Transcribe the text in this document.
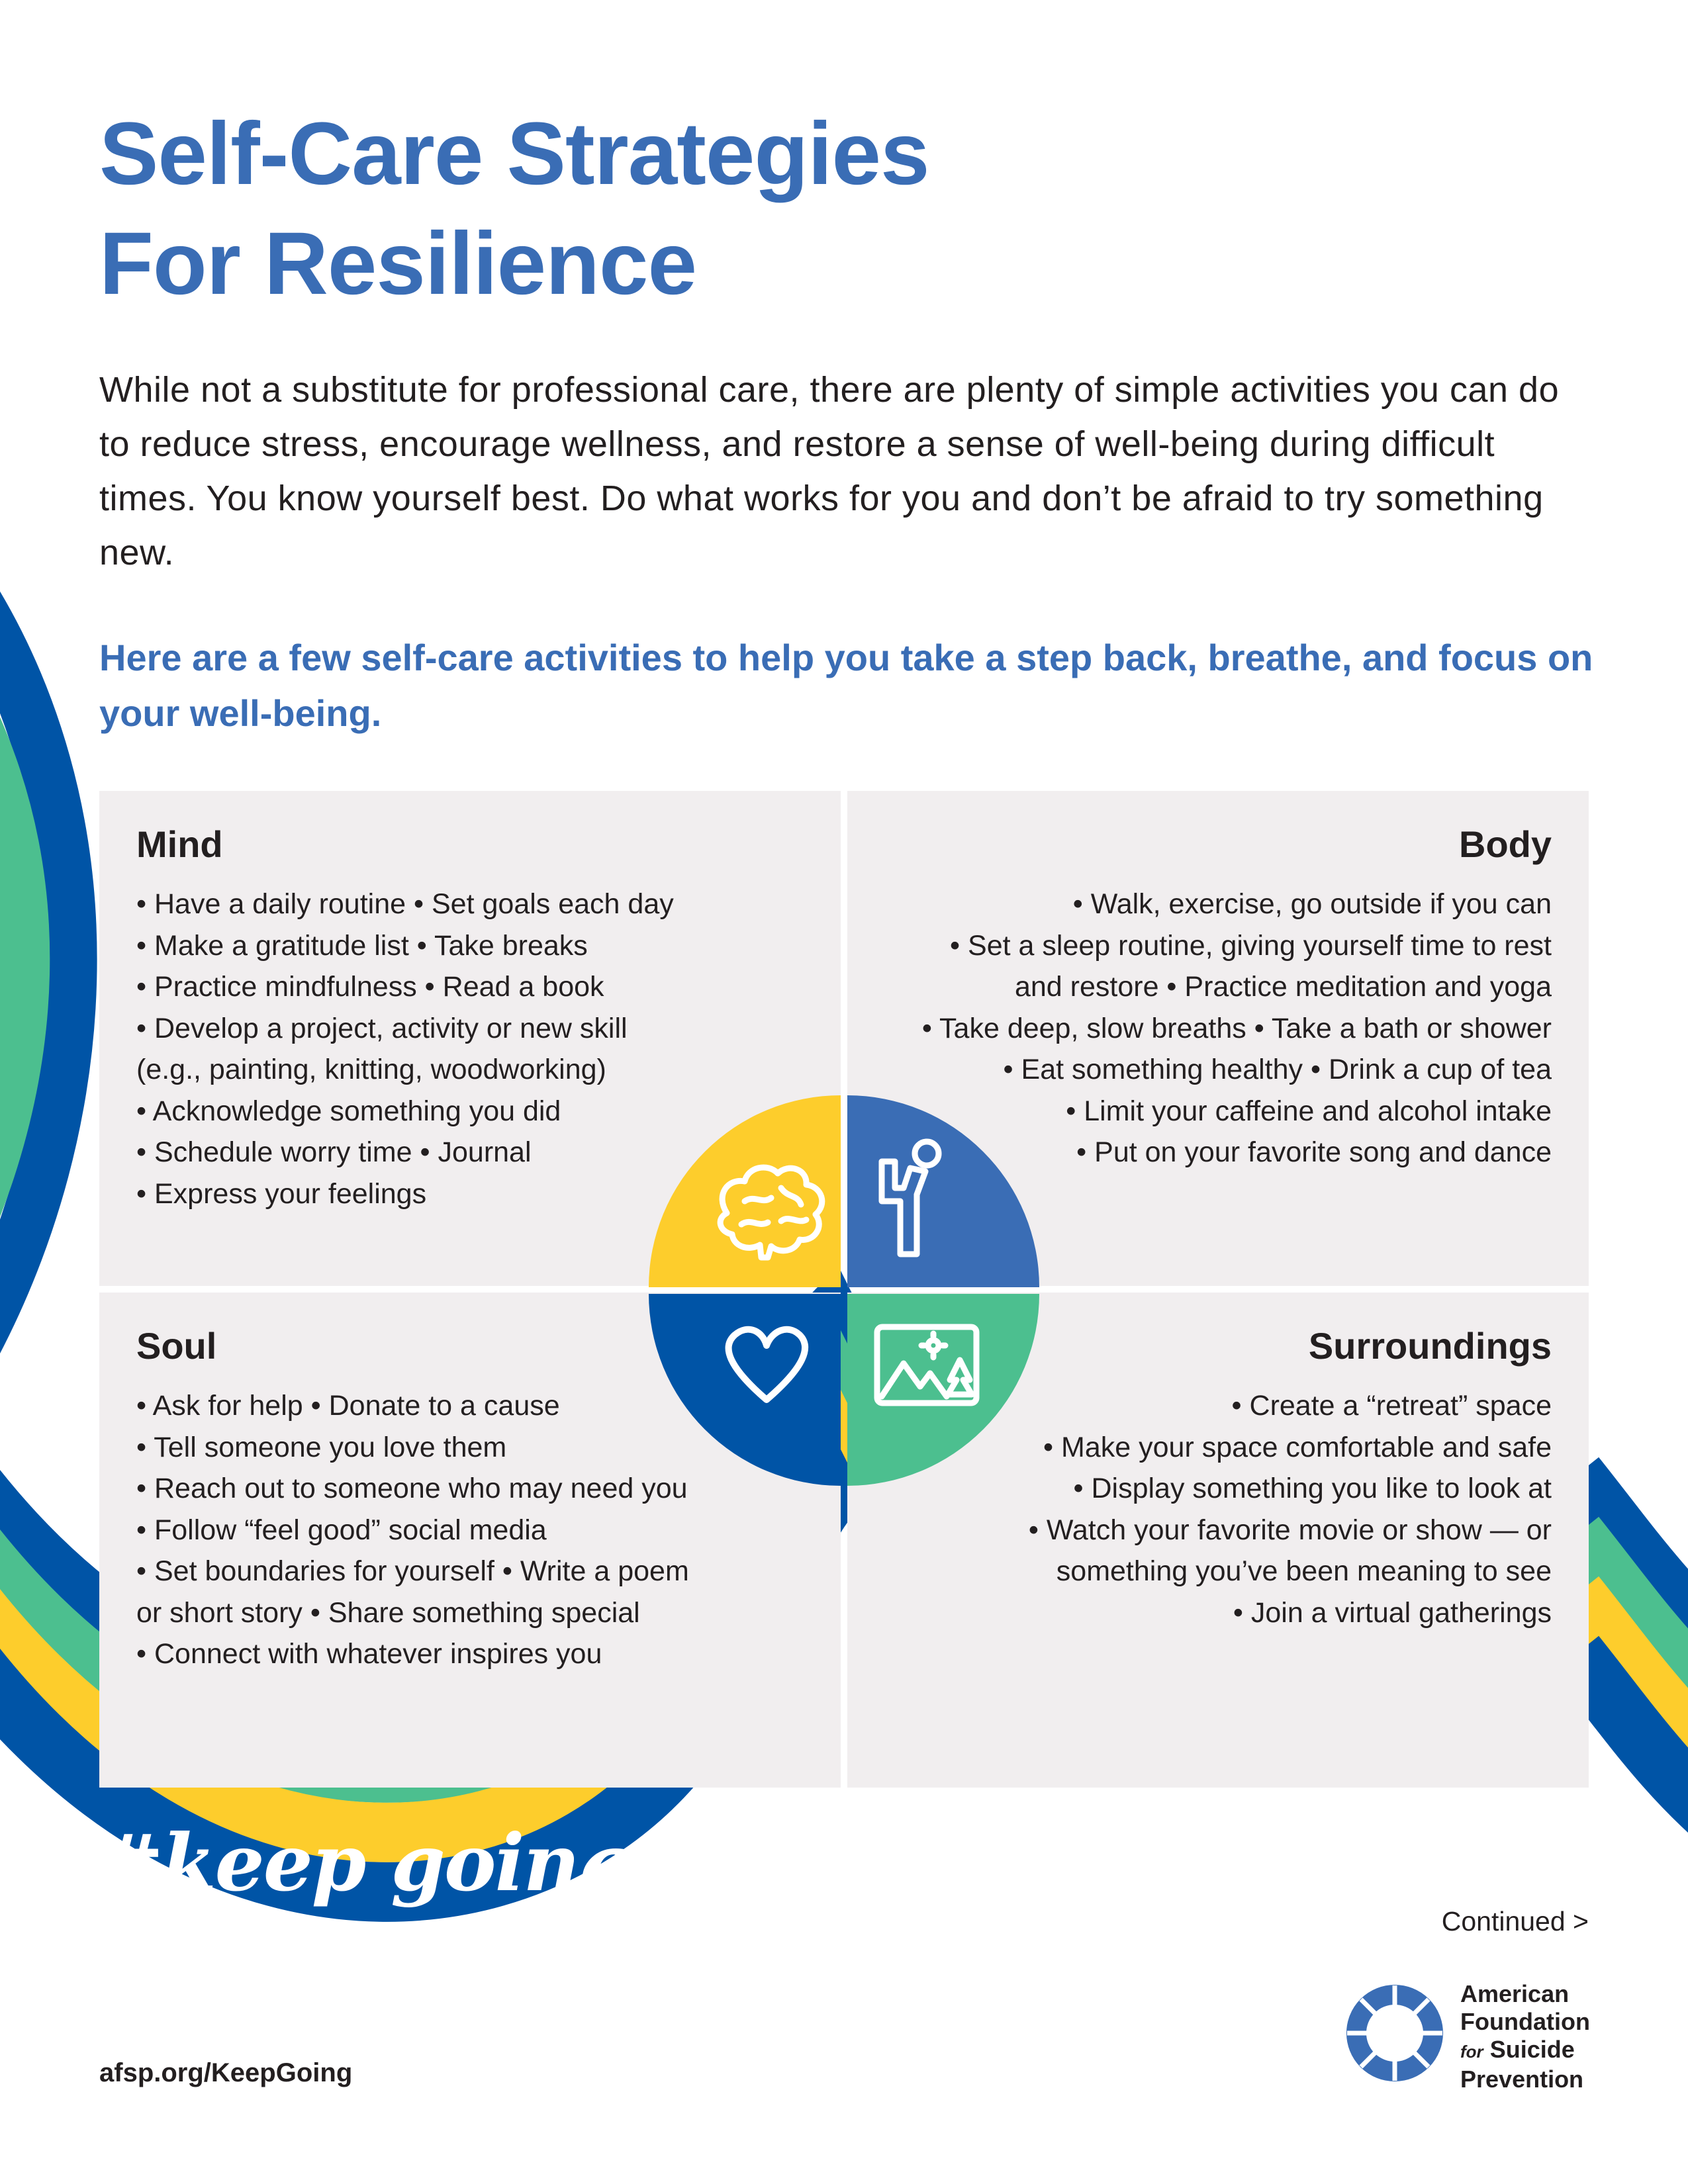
Self-Care Strategies
For Resilience

While not a substitute for professional care, there are plenty of simple activities you can do to reduce stress, encourage wellness, and restore a sense of well-being during difficult times. You know yourself best. Do what works for you and don’t be afraid to try something new.

Here are a few self-care activities to help you take a step back, breathe, and focus on your well-being.

Mind
• Have a daily routine • Set goals each day
• Make a gratitude list • Take breaks
• Practice mindfulness • Read a book
• Develop a project, activity or new skill
(e.g., painting, knitting, woodworking)
• Acknowledge something you did
• Schedule worry time • Journal
• Express your feelings
Body
• Walk, exercise, go outside if you can
• Set a sleep routine, giving yourself time to rest
and restore • Practice meditation and yoga
• Take deep, slow breaths • Take a bath or shower
• Eat something healthy • Drink a cup of tea
• Limit your caffeine and alcohol intake
• Put on your favorite song and dance
Soul
• Ask for help • Donate to a cause
• Tell someone you love them
• Reach out to someone who may need you
• Follow “feel good” social media
• Set boundaries for yourself • Write a poem
or short story • Share something special
• Connect with whatever inspires you
Surroundings
• Create a “retreat” space
• Make your space comfortable and safe
• Display something you like to look at
• Watch your favorite movie or show — or
something you’ve been meaning to see
• Join a virtual gatherings

#keep going

afsp.org/KeepGoing

Continued >

American
Foundation
for Suicide
Prevention
